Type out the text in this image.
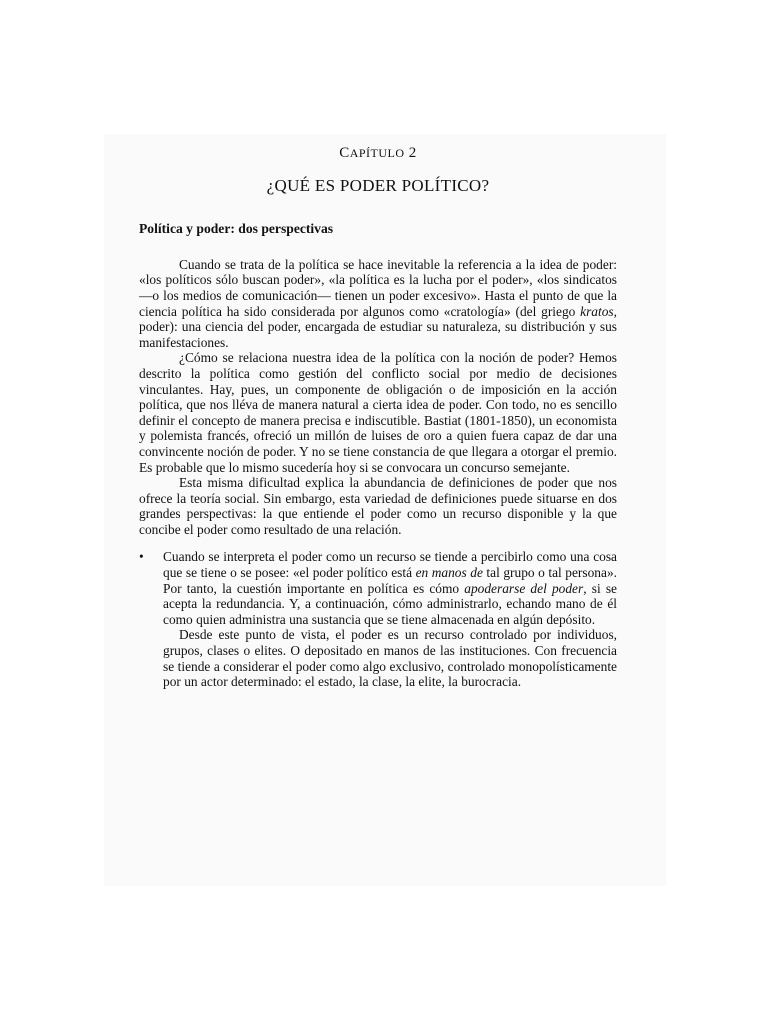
CAPÍTULO 2
¿QUÉ ES PODER POLÍTICO?
Política y poder: dos perspectivas

Cuando se trata de la política se hace inevitable la referencia a la idea de poder: «los políticos sólo buscan poder», «la política es la lucha por el poder», «los sindicatos —o los medios de comunicación— tienen un poder excesivo». Hasta el punto de que la ciencia política ha sido considerada por algunos como «cratología» (del griego kratos, poder): una ciencia del poder, encargada de estudiar su naturaleza, su distribución y sus manifestaciones.

¿Cómo se relaciona nuestra idea de la política con la noción de poder? Hemos descrito la política como gestión del conflicto social por medio de decisiones vinculantes. Hay, pues, un componente de obligación o de imposición en la acción política, que nos lléva de manera natural a cierta idea de poder. Con todo, no es sencillo definir el concepto de manera precisa e indiscutible. Bastiat (1801-1850), un economista y polemista francés, ofreció un millón de luises de oro a quien fuera capaz de dar una convincente noción de poder. Y no se tiene constancia de que llegara a otorgar el premio. Es probable que lo mismo sucedería hoy si se convocara un concurso semejante.

Esta misma dificultad explica la abundancia de definiciones de poder que nos ofrece la teoría social. Sin embargo, esta variedad de definiciones puede situarse en dos grandes perspectivas: la que entiende el poder como un recurso disponible y la que concibe el poder como resultado de una relación.

• Cuando se interpreta el poder como un recurso se tiende a percibirlo como una cosa que se tiene o se posee: «el poder político está en manos de tal grupo o tal persona». Por tanto, la cuestión importante en política es cómo apoderarse del poder, si se acepta la redundancia. Y, a continuación, cómo administrarlo, echando mano de él como quien administra una sustancia que se tiene almacenada en algún depósito.

Desde este punto de vista, el poder es un recurso controlado por individuos, grupos, clases o elites. O depositado en manos de las instituciones. Con frecuencia se tiende a considerar el poder como algo exclusivo, controlado monopolísticamente por un actor determinado: el estado, la clase, la elite, la burocracia.
